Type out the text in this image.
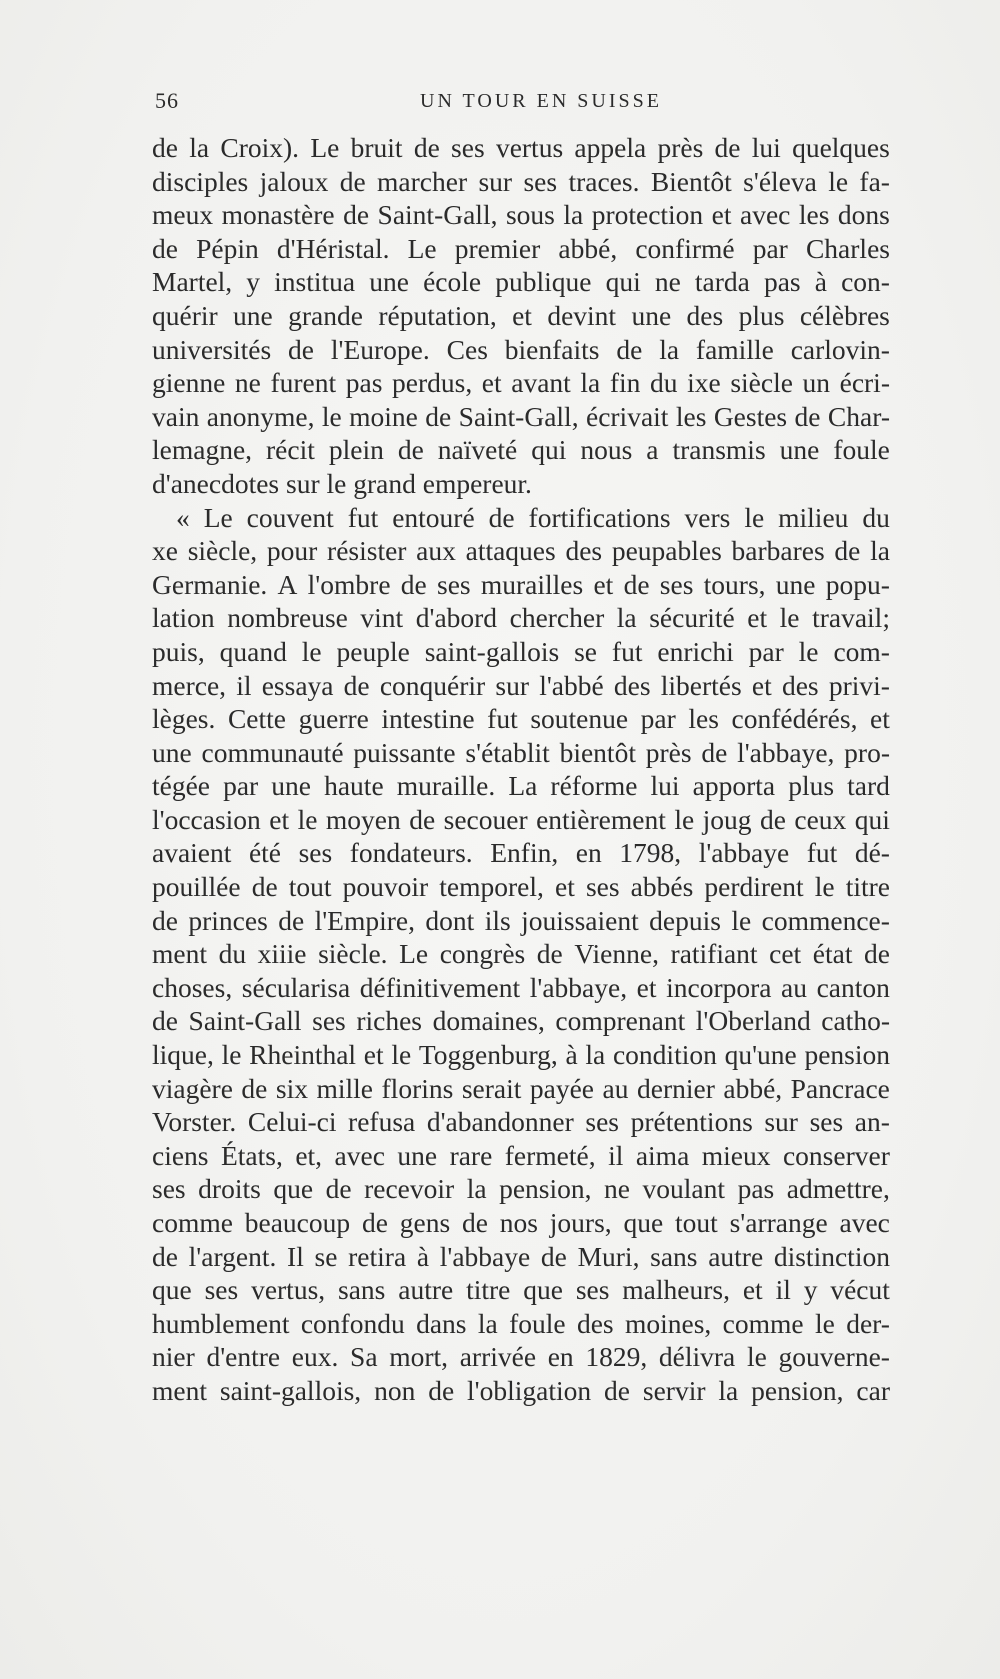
56	UN TOUR EN SUISSE
de la Croix). Le bruit de ses vertus appela près de lui quelques
disciples jaloux de marcher sur ses traces. Bientôt s'éleva le fa-
meux monastère de Saint-Gall, sous la protection et avec les dons
de Pépin d'Héristal. Le premier abbé, confirmé par Charles
Martel, y institua une école publique qui ne tarda pas à con-
quérir une grande réputation, et devint une des plus célèbres
universités de l'Europe. Ces bienfaits de la famille carlovin-
gienne ne furent pas perdus, et avant la fin du ixe siècle un écri-
vain anonyme, le moine de Saint-Gall, écrivait les Gestes de Char-
lemagne, récit plein de naïveté qui nous a transmis une foule
d'anecdotes sur le grand empereur.
« Le couvent fut entouré de fortifications vers le milieu du
xe siècle, pour résister aux attaques des peupables barbares de la
Germanie. A l'ombre de ses murailles et de ses tours, une popu-
lation nombreuse vint d'abord chercher la sécurité et le travail;
puis, quand le peuple saint-gallois se fut enrichi par le com-
merce, il essaya de conquérir sur l'abbé des libertés et des privi-
lèges. Cette guerre intestine fut soutenue par les confédérés, et
une communauté puissante s'établit bientôt près de l'abbaye, pro-
tégée par une haute muraille. La réforme lui apporta plus tard
l'occasion et le moyen de secouer entièrement le joug de ceux qui
avaient été ses fondateurs. Enfin, en 1798, l'abbaye fut dé-
pouillée de tout pouvoir temporel, et ses abbés perdirent le titre
de princes de l'Empire, dont ils jouissaient depuis le commence-
ment du xiiie siècle. Le congrès de Vienne, ratifiant cet état de
choses, sécularisa définitivement l'abbaye, et incorpora au canton
de Saint-Gall ses riches domaines, comprenant l'Oberland catho-
lique, le Rheinthal et le Toggenburg, à la condition qu'une pension
viagère de six mille florins serait payée au dernier abbé, Pancrace
Vorster. Celui-ci refusa d'abandonner ses prétentions sur ses an-
ciens États, et, avec une rare fermeté, il aima mieux conserver
ses droits que de recevoir la pension, ne voulant pas admettre,
comme beaucoup de gens de nos jours, que tout s'arrange avec
de l'argent. Il se retira à l'abbaye de Muri, sans autre distinction
que ses vertus, sans autre titre que ses malheurs, et il y vécut
humblement confondu dans la foule des moines, comme le der-
nier d'entre eux. Sa mort, arrivée en 1829, délivra le gouverne-
ment saint-gallois, non de l'obligation de servir la pension, car
